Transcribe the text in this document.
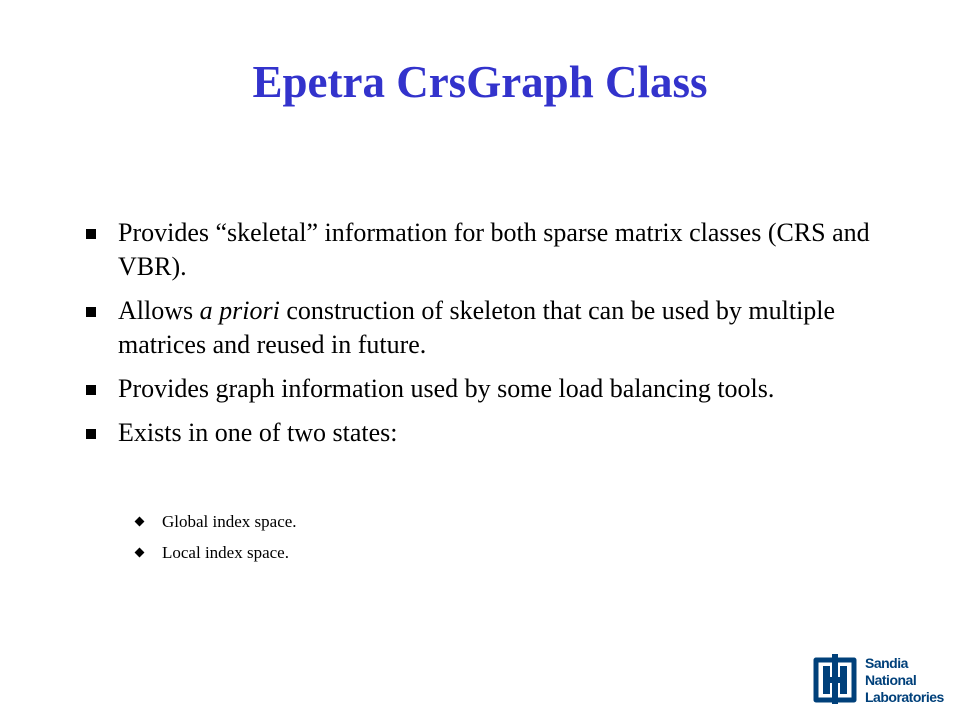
Epetra CrsGraph Class
Provides “skeletal” information for both sparse matrix classes (CRS and VBR).
Allows a priori construction of skeleton that can be used by multiple matrices and reused in future.
Provides graph information used by some load balancing tools.
Exists in one of two states:
Global index space.
Local index space.
Sandia
National
Laboratories
